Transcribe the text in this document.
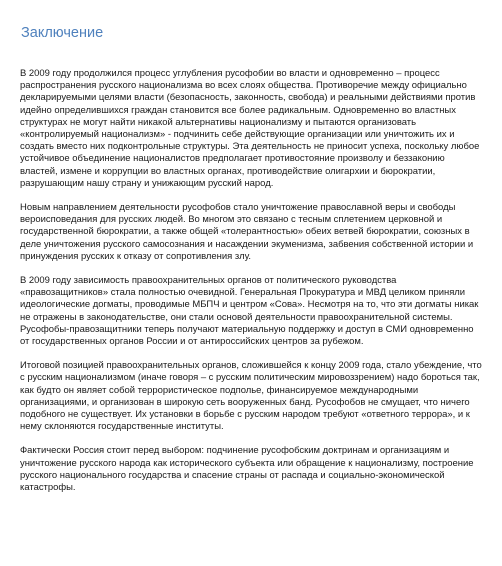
Заключение

В 2009 году продолжился процесс углубления русофобии во власти и одновременно – процесс распространения русского национализма во всех слоях общества. Противоречие между официально декларируемыми целями власти (безопасность, законность, свобода) и реальными действиями против идейно определившихся граждан становится все более радикальным. Одновременно во властных структурах не могут найти никакой альтернативы национализму и пытаются организовать «контролируемый национализм» - подчинить себе действующие организации или уничтожить их и создать вместо них подконтрольные структуры. Эта деятельность не приносит успеха, поскольку любое устойчивое объединение националистов предполагает противостояние произволу и беззаконию властей, измене и коррупции во властных органах, противодействие олигархии и бюрократии, разрушающим нашу страну и унижающим русский народ.

Новым направлением деятельности русофобов стало уничтожение православной веры и свободы вероисповедания для русских людей. Во многом это связано с тесным сплетением церковной и государственной бюрократии, а также общей «толерантностью» обеих ветвей бюрократии, союзных в деле уничтожения русского самосознания и насаждении экуменизма, забвения собственной истории и принуждения русских к отказу от сопротивления злу.

В 2009 году зависимость правоохранительных органов от политического руководства «правозащитников» стала полностью очевидной. Генеральная Прокуратура и МВД целиком приняли идеологические догматы, проводимые МБПЧ и центром «Сова». Несмотря на то, что эти догматы никак не отражены в законодательстве, они стали основой деятельности правоохранительной системы. Русофобы-правозащитники теперь получают материальную поддержку и доступ в СМИ одновременно от государственных органов России и от антироссийских центров за рубежом.

Итоговой позицией правоохранительных органов, сложившейся к концу 2009 года, стало убеждение, что с русским национализмом (иначе говоря – с русским политическим мировоззрением) надо бороться так, как будто он являет собой террористическое подполье, финансируемое международными организациями, и организован в широкую сеть вооруженных банд. Русофобов не смущает, что ничего подобного не существует. Их установки в борьбе с русским народом требуют «ответного террора», и к нему склоняются государственные институты.

Фактически Россия стоит перед выбором: подчинение русофобским доктринам и организациям и уничтожение русского народа как исторического субъекта или обращение к национализму, построение русского национального государства и спасение страны от распада и социально-экономической катастрофы.
